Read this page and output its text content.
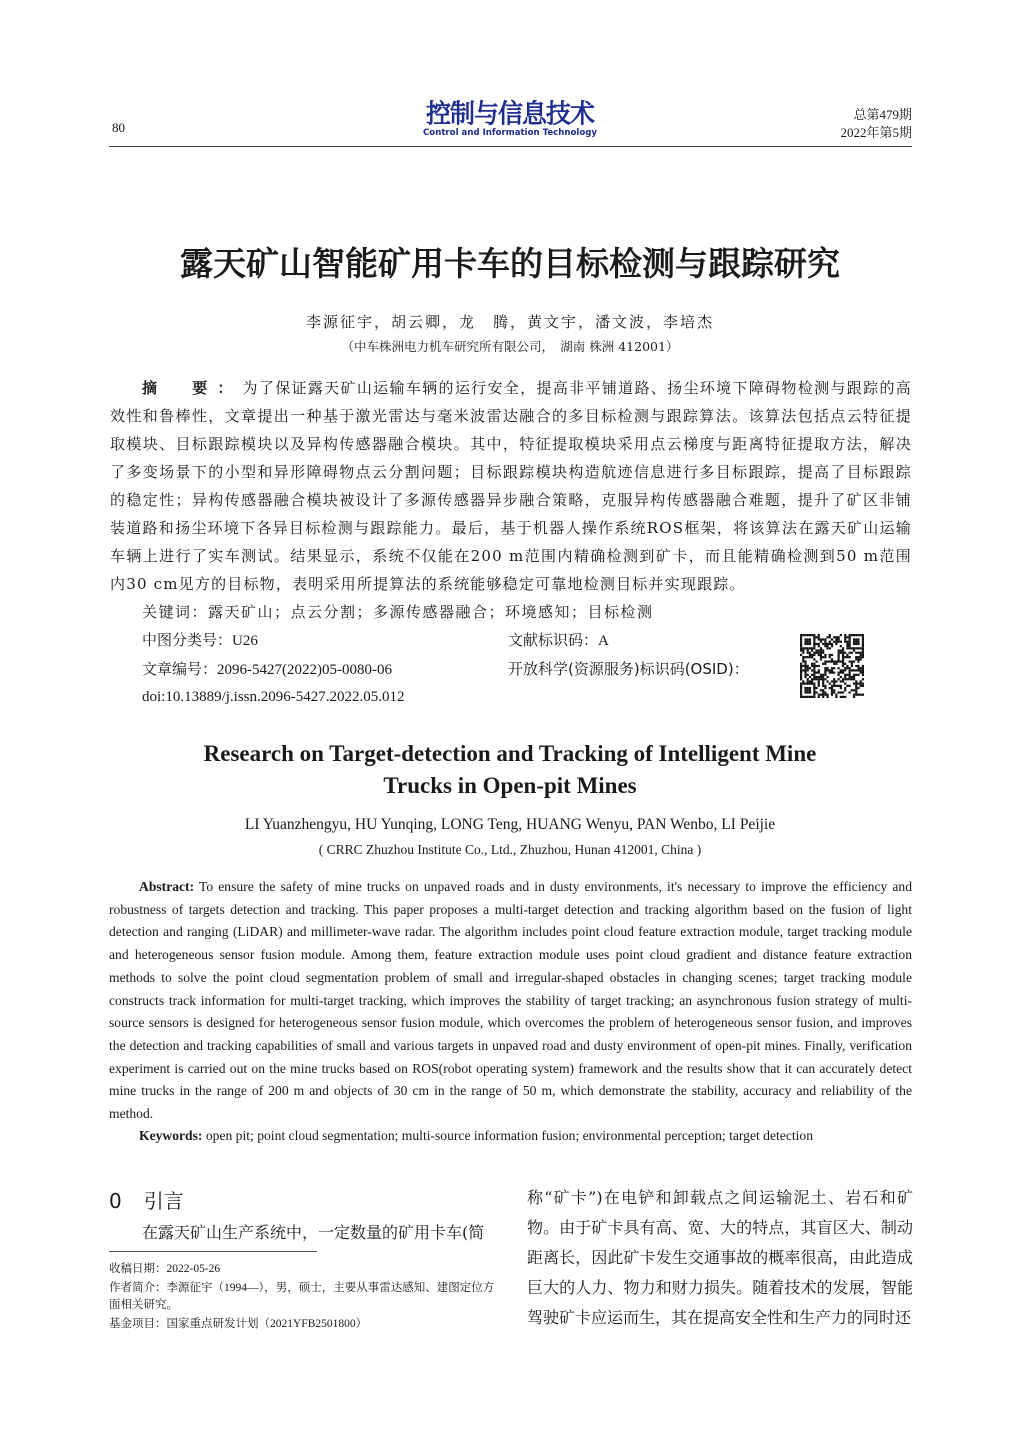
80	控制与信息技术
Control and Information Technology
总第479期
2022年第5期
露天矿山智能矿用卡车的目标检测与跟踪研究
李源征宇，胡云卿，龙　腾，黄文宇，潘文波，李培杰
（中车株洲电力机车研究所有限公司，　湖南 株洲 412001）
摘　要：为了保证露天矿山运输车辆的运行安全，提高非平铺道路、扬尘环境下障碍物检测与跟踪的高效性和鲁棒性，文章提出一种基于激光雷达与毫米波雷达融合的多目标检测与跟踪算法。该算法包括点云特征提取模块、目标跟踪模块以及异构传感器融合模块。其中，特征提取模块采用点云梯度与距离特征提取方法，解决了多变场景下的小型和异形障碍物点云分割问题；目标跟踪模块构造航迹信息进行多目标跟踪，提高了目标跟踪的稳定性；异构传感器融合模块被设计了多源传感器异步融合策略，克服异构传感器融合难题，提升了矿区非铺装道路和扬尘环境下各异目标检测与跟踪能力。最后，基于机器人操作系统ROS框架，将该算法在露天矿山运输车辆上进行了实车测试。结果显示，系统不仅能在200 m范围内精确检测到矿卡，而且能精确检测到50 m范围内30 cm见方的目标物，表明采用所提算法的系统能够稳定可靠地检测目标并实现跟踪。
关键词：露天矿山；点云分割；多源传感器融合；环境感知；目标检测
中图分类号：U26	文献标识码：A
文章编号：2096-5427(2022)05-0080-06	开放科学(资源服务)标识码(OSID)：
doi:10.13889/j.issn.2096-5427.2022.05.012
Research on Target-detection and Tracking of Intelligent Mine Trucks in Open-pit Mines
LI Yuanzhengyu, HU Yunqing, LONG Teng, HUANG Wenyu, PAN Wenbo, LI Peijie
( CRRC Zhuzhou Institute Co., Ltd., Zhuzhou, Hunan 412001, China )
Abstract: To ensure the safety of mine trucks on unpaved roads and in dusty environments, it's necessary to improve the efficiency and robustness of targets detection and tracking. This paper proposes a multi-target detection and tracking algorithm based on the fusion of light detection and ranging (LiDAR) and millimeter-wave radar. The algorithm includes point cloud feature extraction module, target tracking module and heterogeneous sensor fusion module. Among them, feature extraction module uses point cloud gradient and distance feature extraction methods to solve the point cloud segmentation problem of small and irregular-shaped obstacles in changing scenes; target tracking module constructs track information for multi-target tracking, which improves the stability of target tracking; an asynchronous fusion strategy of multi-source sensors is designed for heterogeneous sensor fusion module, which overcomes the problem of heterogeneous sensor fusion, and improves the detection and tracking capabilities of small and various targets in unpaved road and dusty environment of open-pit mines. Finally, verification experiment is carried out on the mine trucks based on ROS(robot operating system) framework and the results show that it can accurately detect mine trucks in the range of 200 m and objects of 30 cm in the range of 50 m, which demonstrate the stability, accuracy and reliability of the method.
Keywords: open pit; point cloud segmentation; multi-source information fusion; environmental perception; target detection
0 引言
在露天矿山生产系统中，一定数量的矿用卡车(简
收稿日期：2022-05-26
作者简介：李源征宇（1994—），男，硕士，主要从事雷达感知、建图定位方面相关研究。
基金项目：国家重点研发计划（2021YFB2501800）
称“矿卡”)在电铲和卸载点之间运输泥土、岩石和矿物。由于矿卡具有高、宽、大的特点，其盲区大、制动距离长，因此矿卡发生交通事故的概率很高，由此造成巨大的人力、物力和财力损失。随着技术的发展，智能驾驶矿卡应运而生，其在提高安全性和生产力的同时还
